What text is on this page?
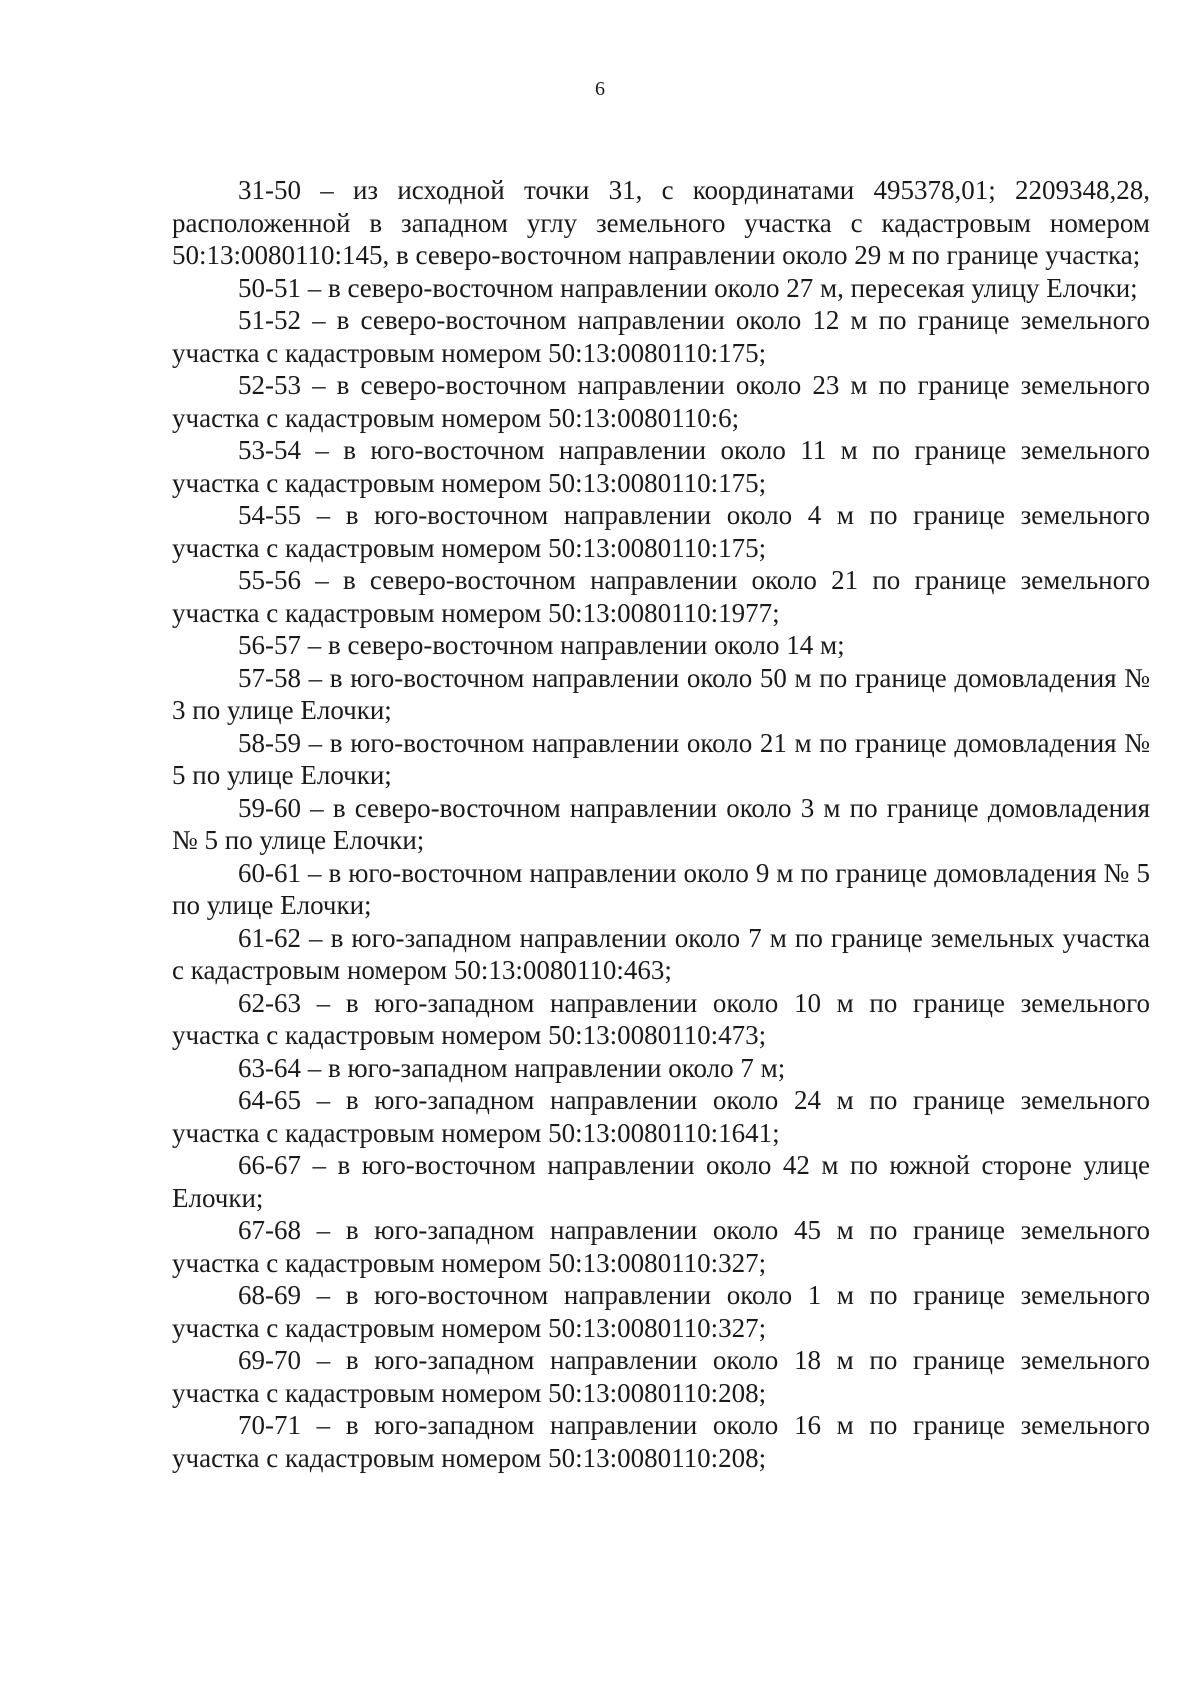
6

31-50 – из исходной точки 31, с координатами 495378,01; 2209348,28, расположенной в западном углу земельного участка с кадастровым номером 50:13:0080110:145, в северо-восточном направлении около 29 м по границе участка;

50-51 – в северо-восточном направлении около 27 м, пересекая улицу Елочки;

51-52 – в северо-восточном направлении около 12 м по границе земельного участка с кадастровым номером 50:13:0080110:175;

52-53 – в северо-восточном направлении около 23 м по границе земельного участка с кадастровым номером 50:13:0080110:6;

53-54 – в юго-восточном направлении около 11 м по границе земельного участка с кадастровым номером 50:13:0080110:175;

54-55 – в юго-восточном направлении около 4 м по границе земельного участка с кадастровым номером 50:13:0080110:175;

55-56 – в северо-восточном направлении около 21 по границе земельного участка с кадастровым номером 50:13:0080110:1977;

56-57 – в северо-восточном направлении около 14 м;

57-58 – в юго-восточном направлении около 50 м по границе домовладения № 3 по улице Елочки;

58-59 – в юго-восточном направлении около 21 м по границе домовладения № 5 по улице Елочки;

59-60 – в северо-восточном направлении около 3 м по границе домовладения № 5 по улице Елочки;

60-61 – в юго-восточном направлении около 9 м по границе домовладения № 5 по улице Елочки;

61-62 – в юго-западном направлении около 7 м по границе земельных участка с кадастровым номером 50:13:0080110:463;

62-63 – в юго-западном направлении около 10 м по границе земельного участка с кадастровым номером 50:13:0080110:473;

63-64 – в юго-западном направлении около 7 м;

64-65 – в юго-западном направлении около 24 м по границе земельного участка с кадастровым номером 50:13:0080110:1641;

66-67 – в юго-восточном направлении около 42 м по южной стороне улице Елочки;

67-68 – в юго-западном направлении около 45 м по границе земельного участка с кадастровым номером 50:13:0080110:327;

68-69 – в юго-восточном направлении около 1 м по границе земельного участка с кадастровым номером 50:13:0080110:327;

69-70 – в юго-западном направлении около 18 м по границе земельного участка с кадастровым номером 50:13:0080110:208;

70-71 – в юго-западном направлении около 16 м по границе земельного участка с кадастровым номером 50:13:0080110:208;
